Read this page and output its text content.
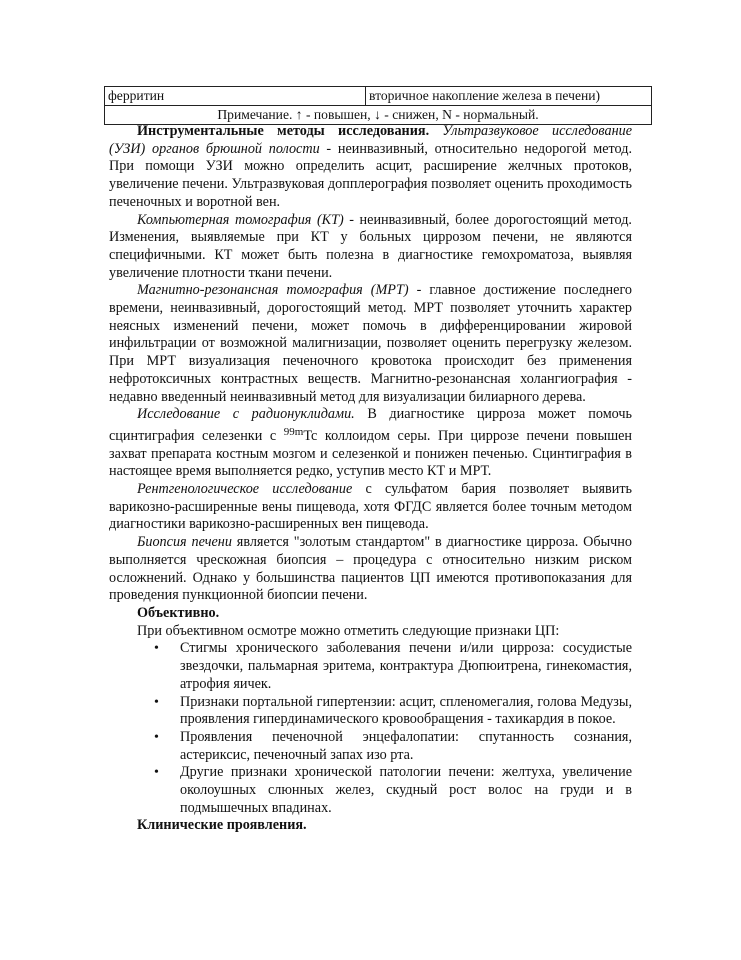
ферритин	вторичное накопление железа в печени)
Примечание. ↑ - повышен, ↓ - снижен, N - нормальный.

Инструментальные методы исследования. Ультразвуковое исследование (УЗИ) органов брюшной полости - неинвазивный, относительно недорогой метод. При помощи УЗИ можно определить асцит, расширение желчных протоков, увеличение печени. Ультразвуковая допплерография позволяет оценить проходимость печеночных и воротной вен.

Компьютерная томография (КТ) - неинвазивный, более дорогостоящий метод. Изменения, выявляемые при КТ у больных циррозом печени, не являются специфичными. КТ может быть полезна в диагностике гемохроматоза, выявляя увеличение плотности ткани печени.

Магнитно-резонансная томография (МРТ) - главное достижение последнего времени, неинвазивный, дорогостоящий метод. МРТ позволяет уточнить характер неясных изменений печени, может помочь в дифференцировании жировой инфильтрации от возможной малигнизации, позволяет оценить перегрузку железом. При МРТ визуализация печеночного кровотока происходит без применения нефротоксичных контрастных веществ. Магнитно-резонансная холангиография - недавно введенный неинвазивный метод для визуализации билиарного дерева.

Исследование с радионуклидами. В диагностике цирроза может помочь сцинтиграфия селезенки с $^{99m}$Tc коллоидом серы. При циррозе печени повышен захват препарата костным мозгом и селезенкой и понижен печенью. Сцинтиграфия в настоящее время выполняется редко, уступив место КТ и МРТ.

Рентгенологическое исследование с сульфатом бария позволяет выявить варикозно-расширенные вены пищевода, хотя ФГДС является более точным методом диагностики варикозно-расширенных вен пищевода.

Биопсия печени является "золотым стандартом" в диагностике цирроза. Обычно выполняется чрескожная биопсия – процедура с относительно низким риском осложнений. Однако у большинства пациентов ЦП имеются противопоказания для проведения пункционной биопсии печени.

Объективно.

При объективном осмотре можно отметить следующие признаки ЦП:

• Стигмы хронического заболевания печени и/или цирроза: сосудистые звездочки, пальмарная эритема, контрактура Дюпюитрена, гинекомастия, атрофия яичек.
• Признаки портальной гипертензии: асцит, спленомегалия, голова Медузы, проявления гипердинамического кровообращения - тахикардия в покое.
• Проявления печеночной энцефалопатии: спутанность сознания, астериксис, печеночный запах изо рта.
• Другие признаки хронической патологии печени: желтуха, увеличение околоушных слюнных желез, скудный рост волос на груди и в подмышечных впадинах.

Клинические проявления.
